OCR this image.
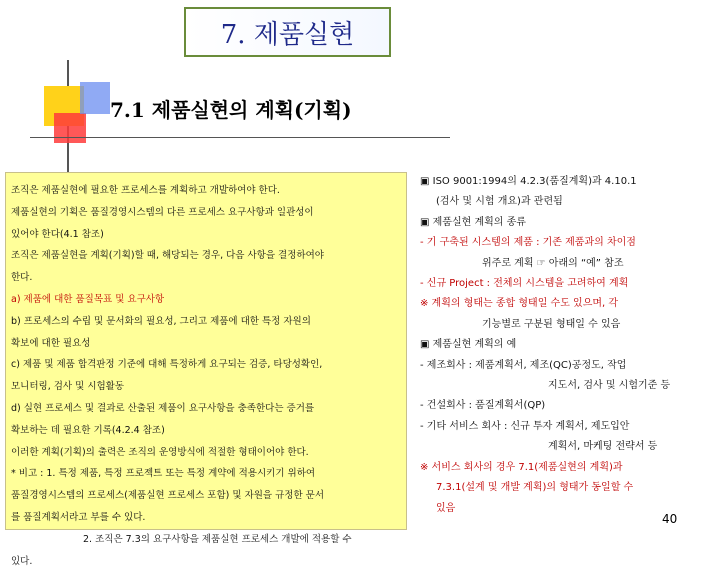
7. 제품실현
7.1 제품실현의 계획(기획)

조직은 제품실현에 필요한 프로세스를 계획하고 개발하여야 한다.

제품실현의 기획은 품질경영시스템의 다른 프로세스 요구사항과 일관성이

있어야 한다(4.1 참조)

조직은 제품실현을 계획(기획)할 때, 해당되는 경우, 다음 사항을 결정하여야

한다.

a) 제품에 대한 품질목표 및 요구사항

b) 프로세스의 수립 및 문서화의 필요성, 그리고 제품에 대한 특정 자원의

확보에 대한 필요성

c) 제품 및 제품 합격판정 기준에 대해 특정하게 요구되는 검증, 타당성확인,

모니터링, 검사 및 시험활동

d) 실현 프로세스 및 결과로 산출된 제품이 요구사항을 충족한다는 증거를

확보하는 데 필요한 기록(4.2.4 참조)

이러한 계획(기획)의 출력은 조직의 운영방식에 적절한 형태이어야 한다.

* 비고 : 1. 특정 제품, 특정 프로젝트 또는 특정 계약에 적용시키기 위하여

품질경영시스템의 프로세스(제품실현 프로세스 포함) 및 자원을 규정한 문서

를 품질계획서라고 부를 수 있다.

2. 조직은 7.3의 요구사항을 제품실현 프로세스 개발에 적용할 수

있다.

▣ ISO 9001:1994의 4.2.3(품질계획)과 4.10.1
(검사 및 시험 개요)과 관련됨
▣ 제품실현 계획의 종류
- 기 구축된 시스템의 제품 : 기존 제품과의 차이점
위주로 계획 ☞ 아래의 “예” 참조
- 신규 Project : 전체의 시스템을 고려하여 계획
※ 계획의 형태는 종합 형태일 수도 있으며, 각
기능별로 구분된 형태일 수 있음
▣ 제품실현 계획의 예
- 제조회사 : 제품계획서, 제조(QC)공정도, 작업
지도서, 검사 및 시험기준 등
- 건설회사 : 품질계획서(QP)
- 기타 서비스 회사 : 신규 투자 계획서, 제도입안
계획서, 마케팅 전략서 등
※ 서비스 회사의 경우 7.1(제품실현의 계획)과
7.3.1(설계 및 개발 계획)의 형태가 동일할 수
있음
40
